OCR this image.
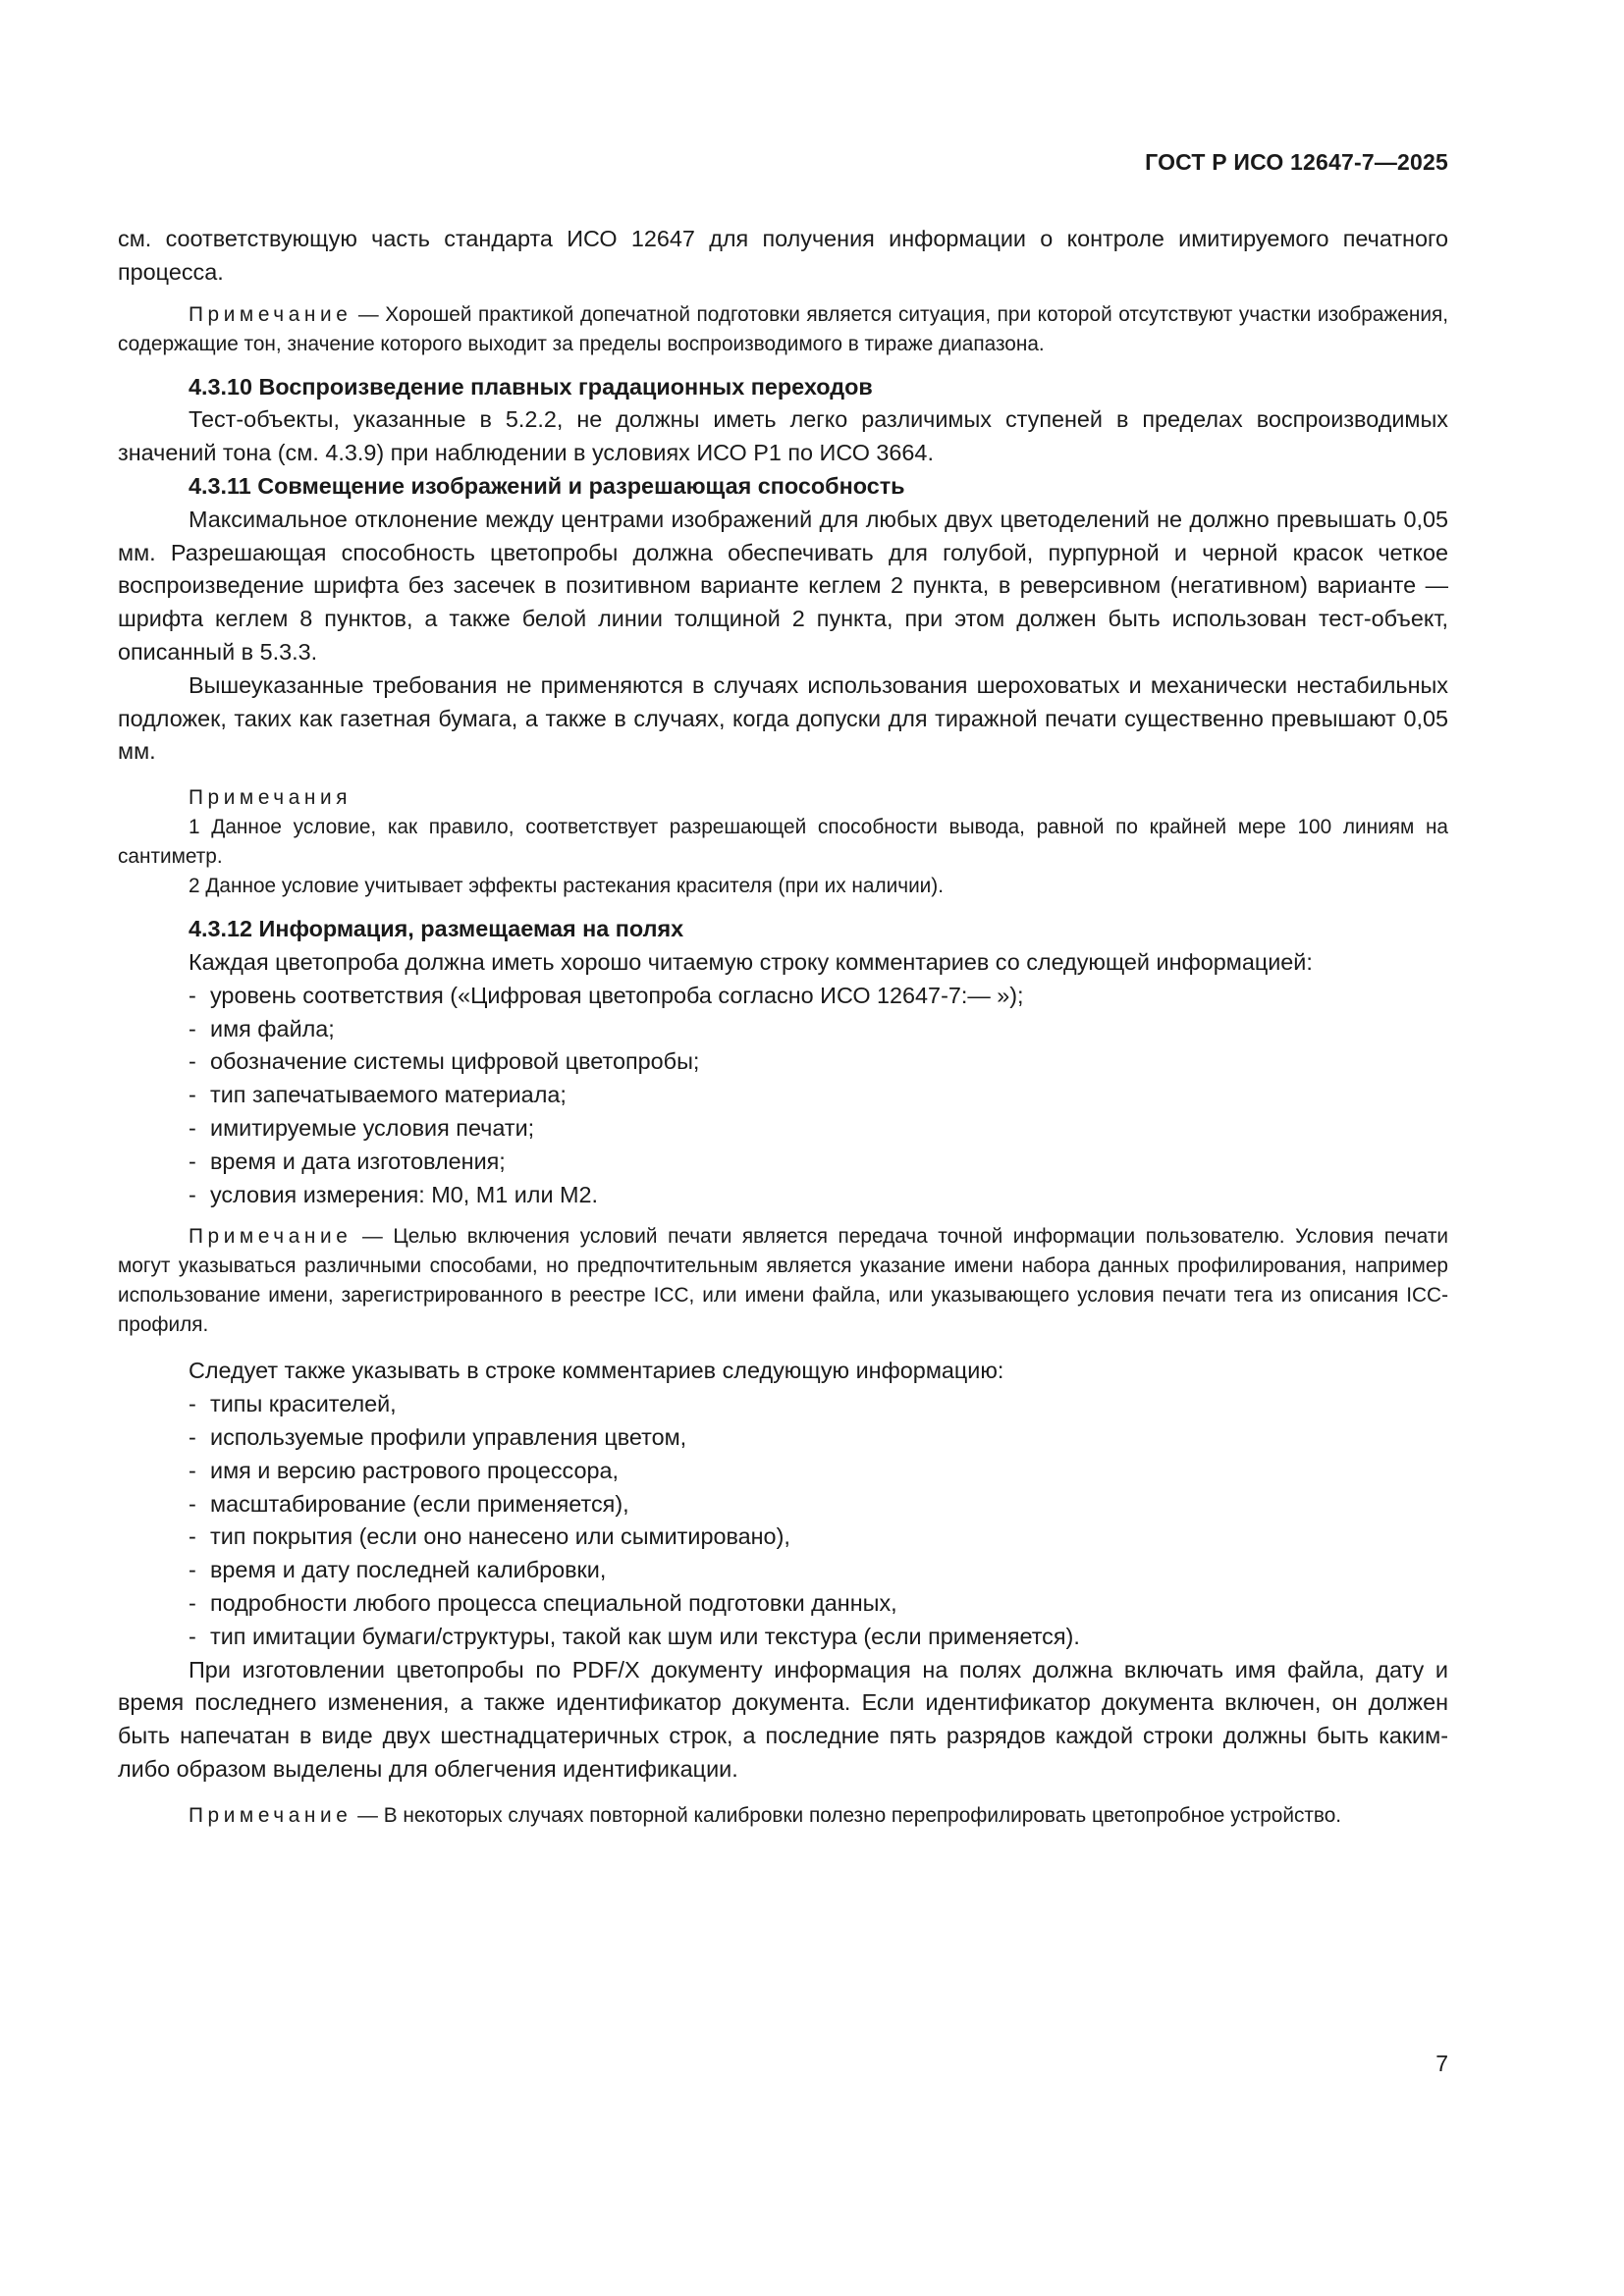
ГОСТ Р ИСО 12647-7—2025

см. соответствующую часть стандарта ИСО 12647 для получения информации о контроле имитируемого печатного процесса.

Примечание — Хорошей практикой допечатной подготовки является ситуация, при которой отсутствуют участки изображения, содержащие тон, значение которого выходит за пределы воспроизводимого в тираже диапазона.

4.3.10 Воспроизведение плавных градационных переходов

Тест-объекты, указанные в 5.2.2, не должны иметь легко различимых ступеней в пределах воспроизводимых значений тона (см. 4.3.9) при наблюдении в условиях ИСО Р1 по ИСО 3664.

4.3.11 Совмещение изображений и разрешающая способность

Максимальное отклонение между центрами изображений для любых двух цветоделений не должно превышать 0,05 мм. Разрешающая способность цветопробы должна обеспечивать для голубой, пурпурной и черной красок четкое воспроизведение шрифта без засечек в позитивном варианте кеглем 2 пункта, в реверсивном (негативном) варианте — шрифта кеглем 8 пунктов, а также белой линии толщиной 2 пункта, при этом должен быть использован тест-объект, описанный в 5.3.3.

Вышеуказанные требования не применяются в случаях использования шероховатых и механически нестабильных подложек, таких как газетная бумага, а также в случаях, когда допуски для тиражной печати существенно превышают 0,05 мм.

Примечания

1 Данное условие, как правило, соответствует разрешающей способности вывода, равной по крайней мере 100 линиям на сантиметр.

2 Данное условие учитывает эффекты растекания красителя (при их наличии).

4.3.12 Информация, размещаемая на полях

Каждая цветопроба должна иметь хорошо читаемую строку комментариев со следующей информацией:

- уровень соответствия («Цифровая цветопроба согласно ИСО 12647-7:— »);
- имя файла;
- обозначение системы цифровой цветопробы;
- тип запечатываемого материала;
- имитируемые условия печати;
- время и дата изготовления;
- условия измерения: М0, М1 или М2.

Примечание — Целью включения условий печати является передача точной информации пользователю. Условия печати могут указываться различными способами, но предпочтительным является указание имени набора данных профилирования, например использование имени, зарегистрированного в реестре ICC, или имени файла, или указывающего условия печати тега из описания ICC-профиля.

Следует также указывать в строке комментариев следующую информацию:

- типы красителей,
- используемые профили управления цветом,
- имя и версию растрового процессора,
- масштабирование (если применяется),
- тип покрытия (если оно нанесено или сымитировано),
- время и дату последней калибровки,
- подробности любого процесса специальной подготовки данных,
- тип имитации бумаги/структуры, такой как шум или текстура (если применяется).

При изготовлении цветопробы по PDF/X документу информация на полях должна включать имя файла, дату и время последнего изменения, а также идентификатор документа. Если идентификатор документа включен, он должен быть напечатан в виде двух шестнадцатеричных строк, а последние пять разрядов каждой строки должны быть каким-либо образом выделены для облегчения идентификации.

Примечание — В некоторых случаях повторной калибровки полезно перепрофилировать цветопробное устройство.

7
